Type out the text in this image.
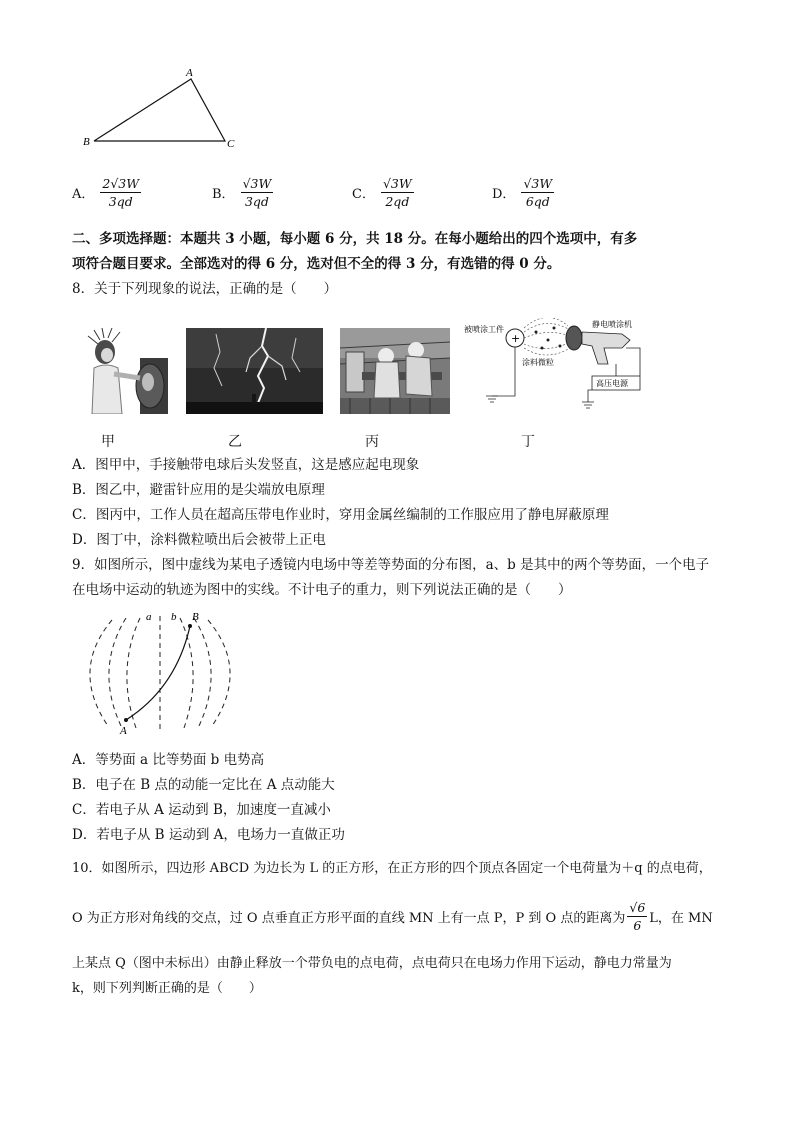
A
B	C
A． $\frac{2√3W}{3qd}$	B． $\frac{√3W}{3qd}$	C． $\frac{√3W}{2qd}$	D． $\frac{√3W}{6qd}$
二、多项选择题：本题共 3 小题，每小题 6 分，共 18 分。在每小题给出的四个选项中，有多
项符合题目要求。全部选对的得 6 分，选对但不全的得 3 分，有选错的得 0 分。
8．关于下列现象的说法，正确的是（　　）
甲	乙	丙
被喷涂工件
+
涂料微粒
静电喷涂机
高压电源
丁
A．图甲中，手接触带电球后头发竖直，这是感应起电现象
B．图乙中，避雷针应用的是尖端放电原理
C．图丙中，工作人员在超高压带电作业时，穿用金属丝编制的工作服应用了静电屏蔽原理
D．图丁中，涂料微粒喷出后会被带上正电
9．如图所示，图中虚线为某电子透镜内电场中等差等势面的分布图，a、b 是其中的两个等势面，一个电子
在电场中运动的轨迹为图中的实线。不计电子的重力，则下列说法正确的是（　　）
a b B
A
A．等势面 a 比等势面 b 电势高
B．电子在 B 点的动能一定比在 A 点动能大
C．若电子从 A 运动到 B，加速度一直减小
D．若电子从 B 运动到 A，电场力一直做正功
10．如图所示，四边形 ABCD 为边长为 L 的正方形，在正方形的四个顶点各固定一个电荷量为＋q 的点电荷，
O 为正方形对角线的交点，过 O 点垂直正方形平面的直线 MN 上有一点 P，P 到 O 点的距离为 $\frac{√6}{6}$ L，在 MN
上某点 Q（图中未标出）由静止释放一个带负电的点电荷，点电荷只在电场力作用下运动，静电力常量为
k，则下列判断正确的是（　　）
